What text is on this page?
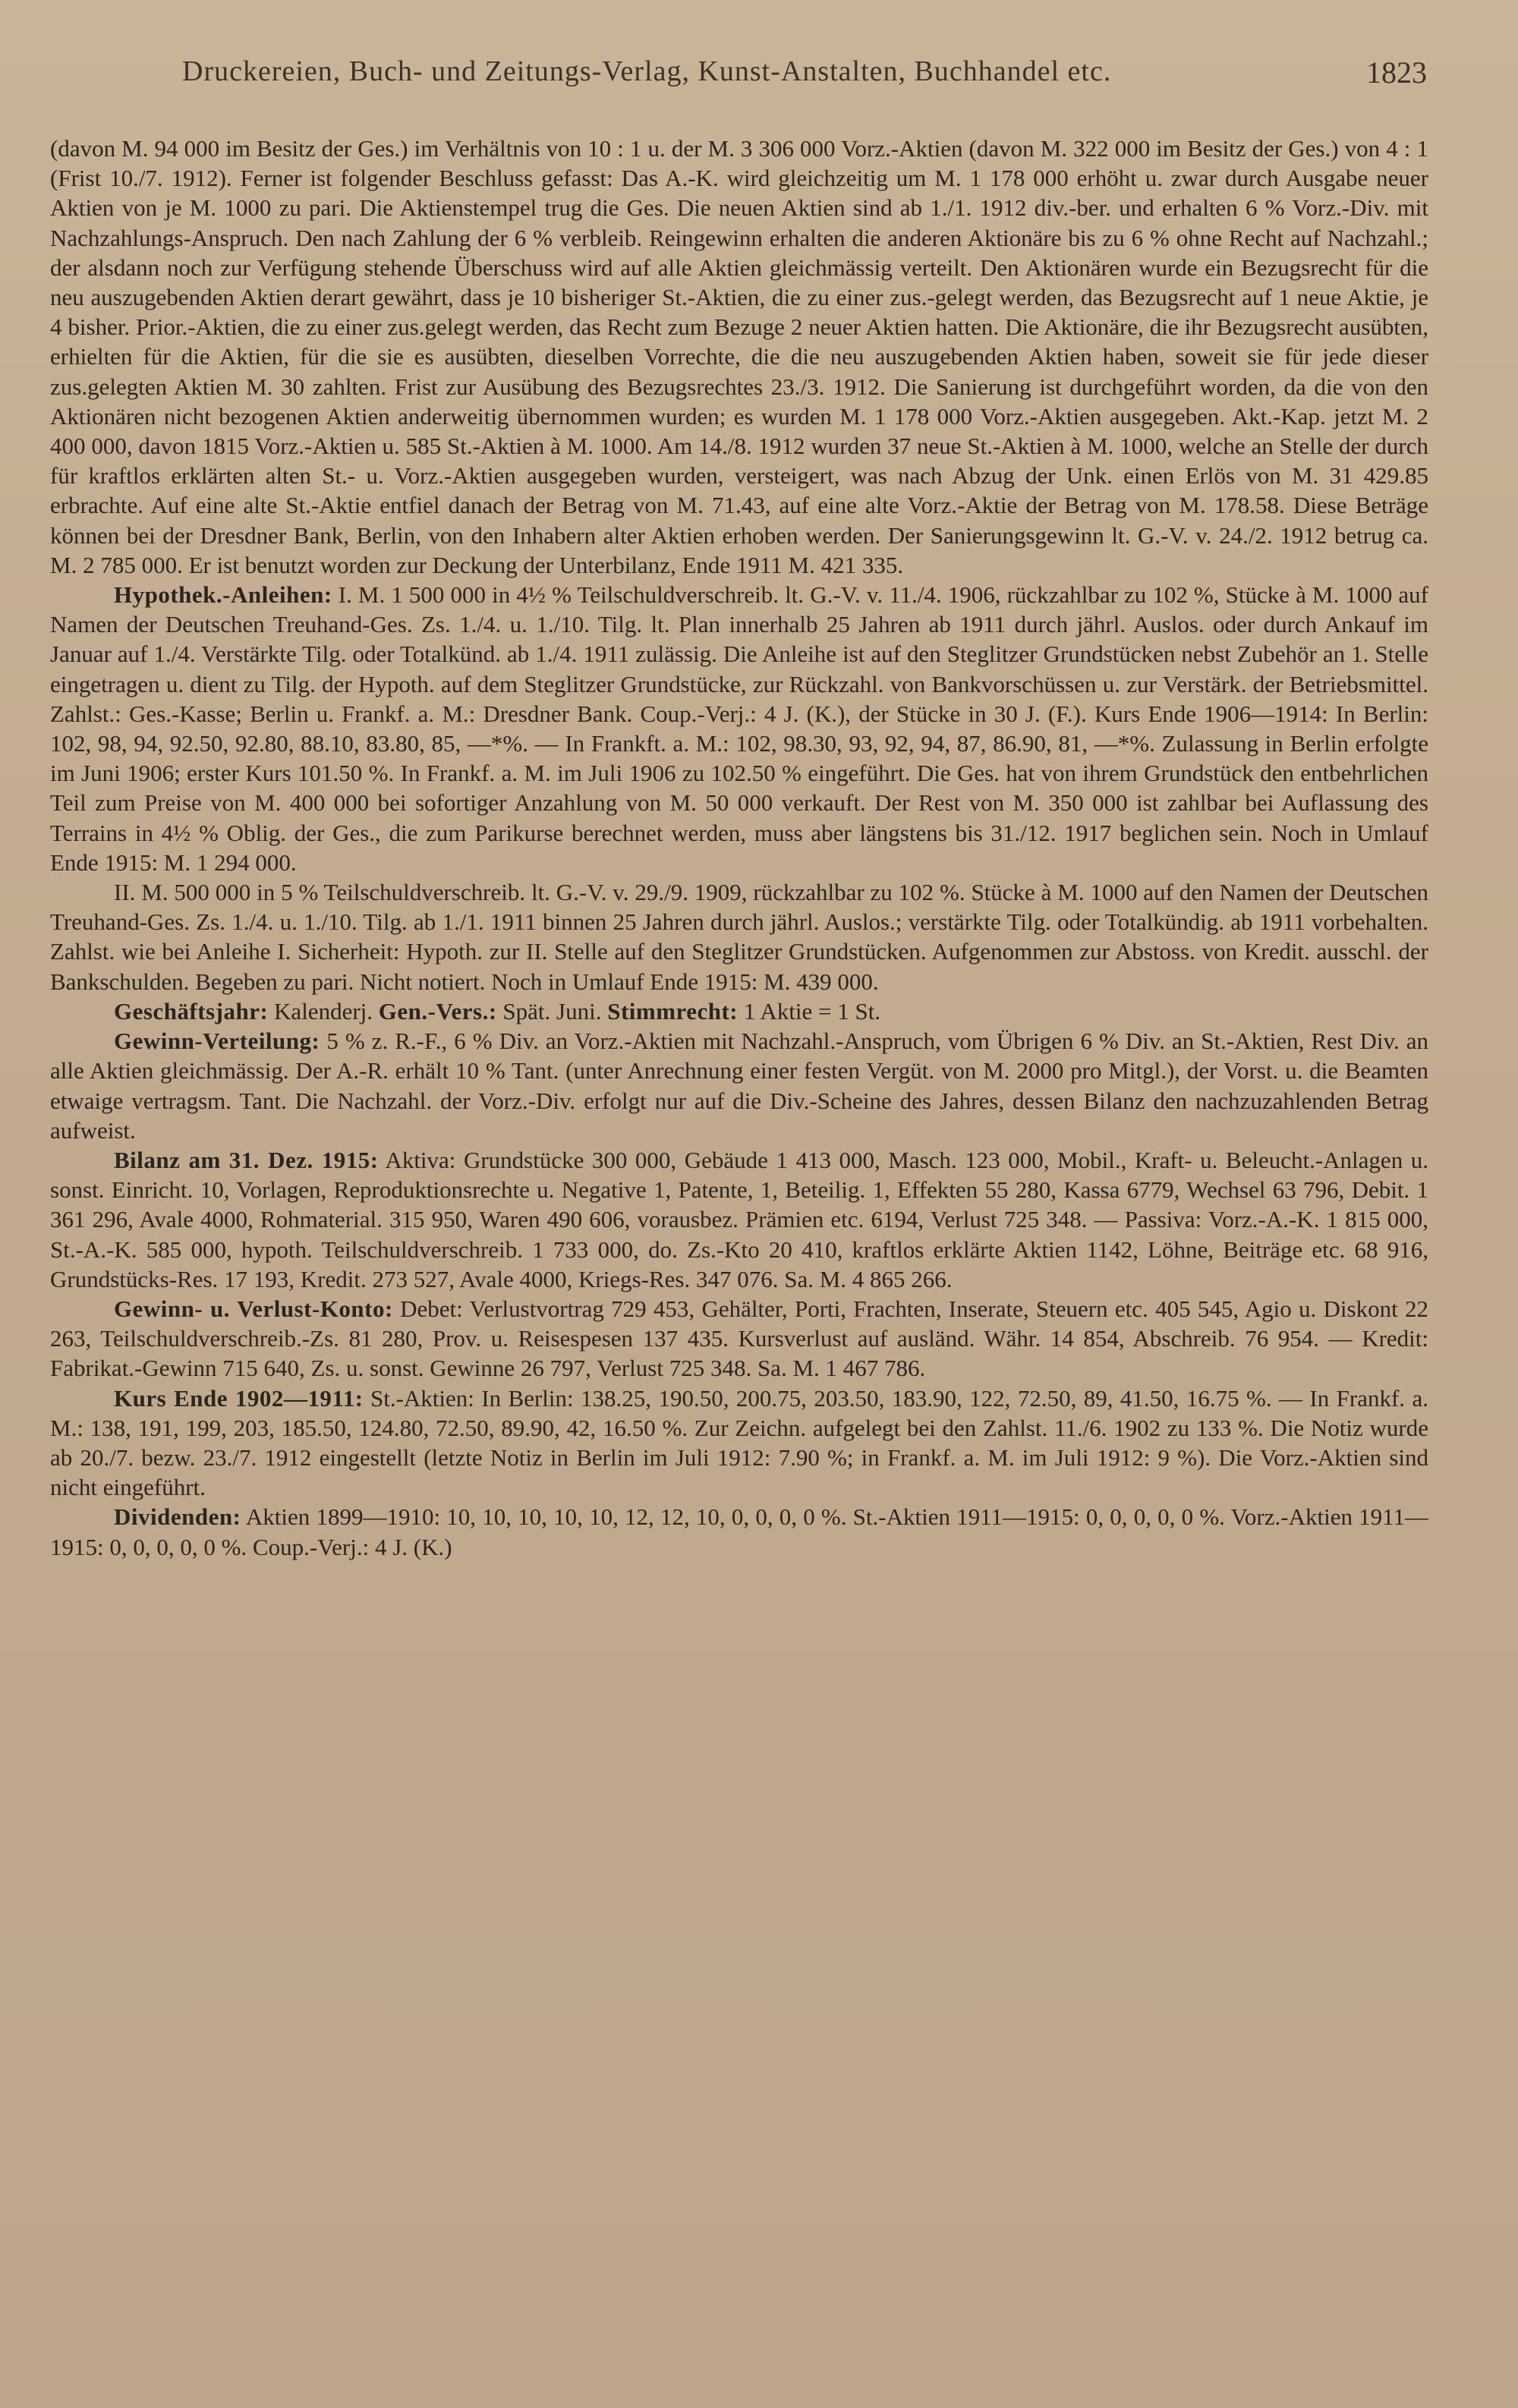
Druckereien, Buch- und Zeitungs-Verlag, Kunst-Anstalten, Buchhandel etc.	1823

(davon M. 94 000 im Besitz der Ges.) im Verhältnis von 10 : 1 u. der M. 3 306 000 Vorz.-Aktien (davon M. 322 000 im Besitz der Ges.) von 4 : 1 (Frist 10./7. 1912). Ferner ist folgender Beschluss gefasst: Das A.-K. wird gleichzeitig um M. 1 178 000 erhöht u. zwar durch Ausgabe neuer Aktien von je M. 1000 zu pari. Die Aktienstempel trug die Ges. Die neuen Aktien sind ab 1./1. 1912 div.-ber. und erhalten 6 % Vorz.-Div. mit Nachzahlungs-Anspruch. Den nach Zahlung der 6 % verbleib. Reingewinn erhalten die anderen Aktionäre bis zu 6 % ohne Recht auf Nachzahl.; der alsdann noch zur Verfügung stehende Überschuss wird auf alle Aktien gleichmässig verteilt. Den Aktionären wurde ein Bezugsrecht für die neu auszugebenden Aktien derart gewährt, dass je 10 bisheriger St.-Aktien, die zu einer zus.-gelegt werden, das Bezugsrecht auf 1 neue Aktie, je 4 bisher. Prior.-Aktien, die zu einer zus.gelegt werden, das Recht zum Bezuge 2 neuer Aktien hatten. Die Aktionäre, die ihr Bezugsrecht ausübten, erhielten für die Aktien, für die sie es ausübten, dieselben Vorrechte, die die neu auszugebenden Aktien haben, soweit sie für jede dieser zus.gelegten Aktien M. 30 zahlten. Frist zur Ausübung des Bezugsrechtes 23./3. 1912. Die Sanierung ist durchgeführt worden, da die von den Aktionären nicht bezogenen Aktien anderweitig übernommen wurden; es wurden M. 1 178 000 Vorz.-Aktien ausgegeben. Akt.-Kap. jetzt M. 2 400 000, davon 1815 Vorz.-Aktien u. 585 St.-Aktien à M. 1000. Am 14./8. 1912 wurden 37 neue St.-Aktien à M. 1000, welche an Stelle der durch für kraftlos erklärten alten St.- u. Vorz.-Aktien ausgegeben wurden, versteigert, was nach Abzug der Unk. einen Erlös von M. 31 429.85 erbrachte. Auf eine alte St.-Aktie entfiel danach der Betrag von M. 71.43, auf eine alte Vorz.-Aktie der Betrag von M. 178.58. Diese Beträge können bei der Dresdner Bank, Berlin, von den Inhabern alter Aktien erhoben werden. Der Sanierungsgewinn lt. G.-V. v. 24./2. 1912 betrug ca. M. 2 785 000. Er ist benutzt worden zur Deckung der Unterbilanz, Ende 1911 M. 421 335.

Hypothek.-Anleihen: I. M. 1 500 000 in 4½ % Teilschuldverschreib. lt. G.-V. v. 11./4. 1906, rückzahlbar zu 102 %, Stücke à M. 1000 auf Namen der Deutschen Treuhand-Ges. Zs. 1./4. u. 1./10. Tilg. lt. Plan innerhalb 25 Jahren ab 1911 durch jährl. Auslos. oder durch Ankauf im Januar auf 1./4. Verstärkte Tilg. oder Totalkünd. ab 1./4. 1911 zulässig. Die Anleihe ist auf den Steglitzer Grundstücken nebst Zubehör an 1. Stelle eingetragen u. dient zu Tilg. der Hypoth. auf dem Steglitzer Grundstücke, zur Rückzahl. von Bankvorschüssen u. zur Verstärk. der Betriebsmittel. Zahlst.: Ges.-Kasse; Berlin u. Frankf. a. M.: Dresdner Bank. Coup.-Verj.: 4 J. (K.), der Stücke in 30 J. (F.). Kurs Ende 1906—1914: In Berlin: 102, 98, 94, 92.50, 92.80, 88.10, 83.80, 85, —*%. — In Frankft. a. M.: 102, 98.30, 93, 92, 94, 87, 86.90, 81, —*%. Zulassung in Berlin erfolgte im Juni 1906; erster Kurs 101.50 %. In Frankf. a. M. im Juli 1906 zu 102.50 % eingeführt. Die Ges. hat von ihrem Grundstück den entbehrlichen Teil zum Preise von M. 400 000 bei sofortiger Anzahlung von M. 50 000 verkauft. Der Rest von M. 350 000 ist zahlbar bei Auflassung des Terrains in 4½ % Oblig. der Ges., die zum Parikurse berechnet werden, muss aber längstens bis 31./12. 1917 beglichen sein. Noch in Umlauf Ende 1915: M. 1 294 000.

II. M. 500 000 in 5 % Teilschuldverschreib. lt. G.-V. v. 29./9. 1909, rückzahlbar zu 102 %. Stücke à M. 1000 auf den Namen der Deutschen Treuhand-Ges. Zs. 1./4. u. 1./10. Tilg. ab 1./1. 1911 binnen 25 Jahren durch jährl. Auslos.; verstärkte Tilg. oder Totalkündig. ab 1911 vorbehalten. Zahlst. wie bei Anleihe I. Sicherheit: Hypoth. zur II. Stelle auf den Steglitzer Grundstücken. Aufgenommen zur Abstoss. von Kredit. ausschl. der Bankschulden. Begeben zu pari. Nicht notiert. Noch in Umlauf Ende 1915: M. 439 000.

Geschäftsjahr: Kalenderj. Gen.-Vers.: Spät. Juni. Stimmrecht: 1 Aktie = 1 St.

Gewinn-Verteilung: 5 % z. R.-F., 6 % Div. an Vorz.-Aktien mit Nachzahl.-Anspruch, vom Übrigen 6 % Div. an St.-Aktien, Rest Div. an alle Aktien gleichmässig. Der A.-R. erhält 10 % Tant. (unter Anrechnung einer festen Vergüt. von M. 2000 pro Mitgl.), der Vorst. u. die Beamten etwaige vertragsm. Tant. Die Nachzahl. der Vorz.-Div. erfolgt nur auf die Div.-Scheine des Jahres, dessen Bilanz den nachzuzahlenden Betrag aufweist.

Bilanz am 31. Dez. 1915: Aktiva: Grundstücke 300 000, Gebäude 1 413 000, Masch. 123 000, Mobil., Kraft- u. Beleucht.-Anlagen u. sonst. Einricht. 10, Vorlagen, Reproduktionsrechte u. Negative 1, Patente, 1, Beteilig. 1, Effekten 55 280, Kassa 6779, Wechsel 63 796, Debit. 1 361 296, Avale 4000, Rohmaterial. 315 950, Waren 490 606, vorausbez. Prämien etc. 6194, Verlust 725 348. — Passiva: Vorz.-A.-K. 1 815 000, St.-A.-K. 585 000, hypoth. Teilschuldverschreib. 1 733 000, do. Zs.-Kto 20 410, kraftlos erklärte Aktien 1142, Löhne, Beiträge etc. 68 916, Grundstücks-Res. 17 193, Kredit. 273 527, Avale 4000, Kriegs-Res. 347 076. Sa. M. 4 865 266.

Gewinn- u. Verlust-Konto: Debet: Verlustvortrag 729 453, Gehälter, Porti, Frachten, Inserate, Steuern etc. 405 545, Agio u. Diskont 22 263, Teilschuldverschreib.-Zs. 81 280, Prov. u. Reisespesen 137 435. Kursverlust auf ausländ. Währ. 14 854, Abschreib. 76 954. — Kredit: Fabrikat.-Gewinn 715 640, Zs. u. sonst. Gewinne 26 797, Verlust 725 348. Sa. M. 1 467 786.

Kurs Ende 1902—1911: St.-Aktien: In Berlin: 138.25, 190.50, 200.75, 203.50, 183.90, 122, 72.50, 89, 41.50, 16.75 %. — In Frankf. a. M.: 138, 191, 199, 203, 185.50, 124.80, 72.50, 89.90, 42, 16.50 %. Zur Zeichn. aufgelegt bei den Zahlst. 11./6. 1902 zu 133 %. Die Notiz wurde ab 20./7. bezw. 23./7. 1912 eingestellt (letzte Notiz in Berlin im Juli 1912: 7.90 %; in Frankf. a. M. im Juli 1912: 9 %). Die Vorz.-Aktien sind nicht eingeführt.

Dividenden: Aktien 1899—1910: 10, 10, 10, 10, 10, 12, 12, 10, 0, 0, 0, 0 %. St.-Aktien 1911—1915: 0, 0, 0, 0, 0 %. Vorz.-Aktien 1911—1915: 0, 0, 0, 0, 0 %. Coup.-Verj.: 4 J. (K.)
